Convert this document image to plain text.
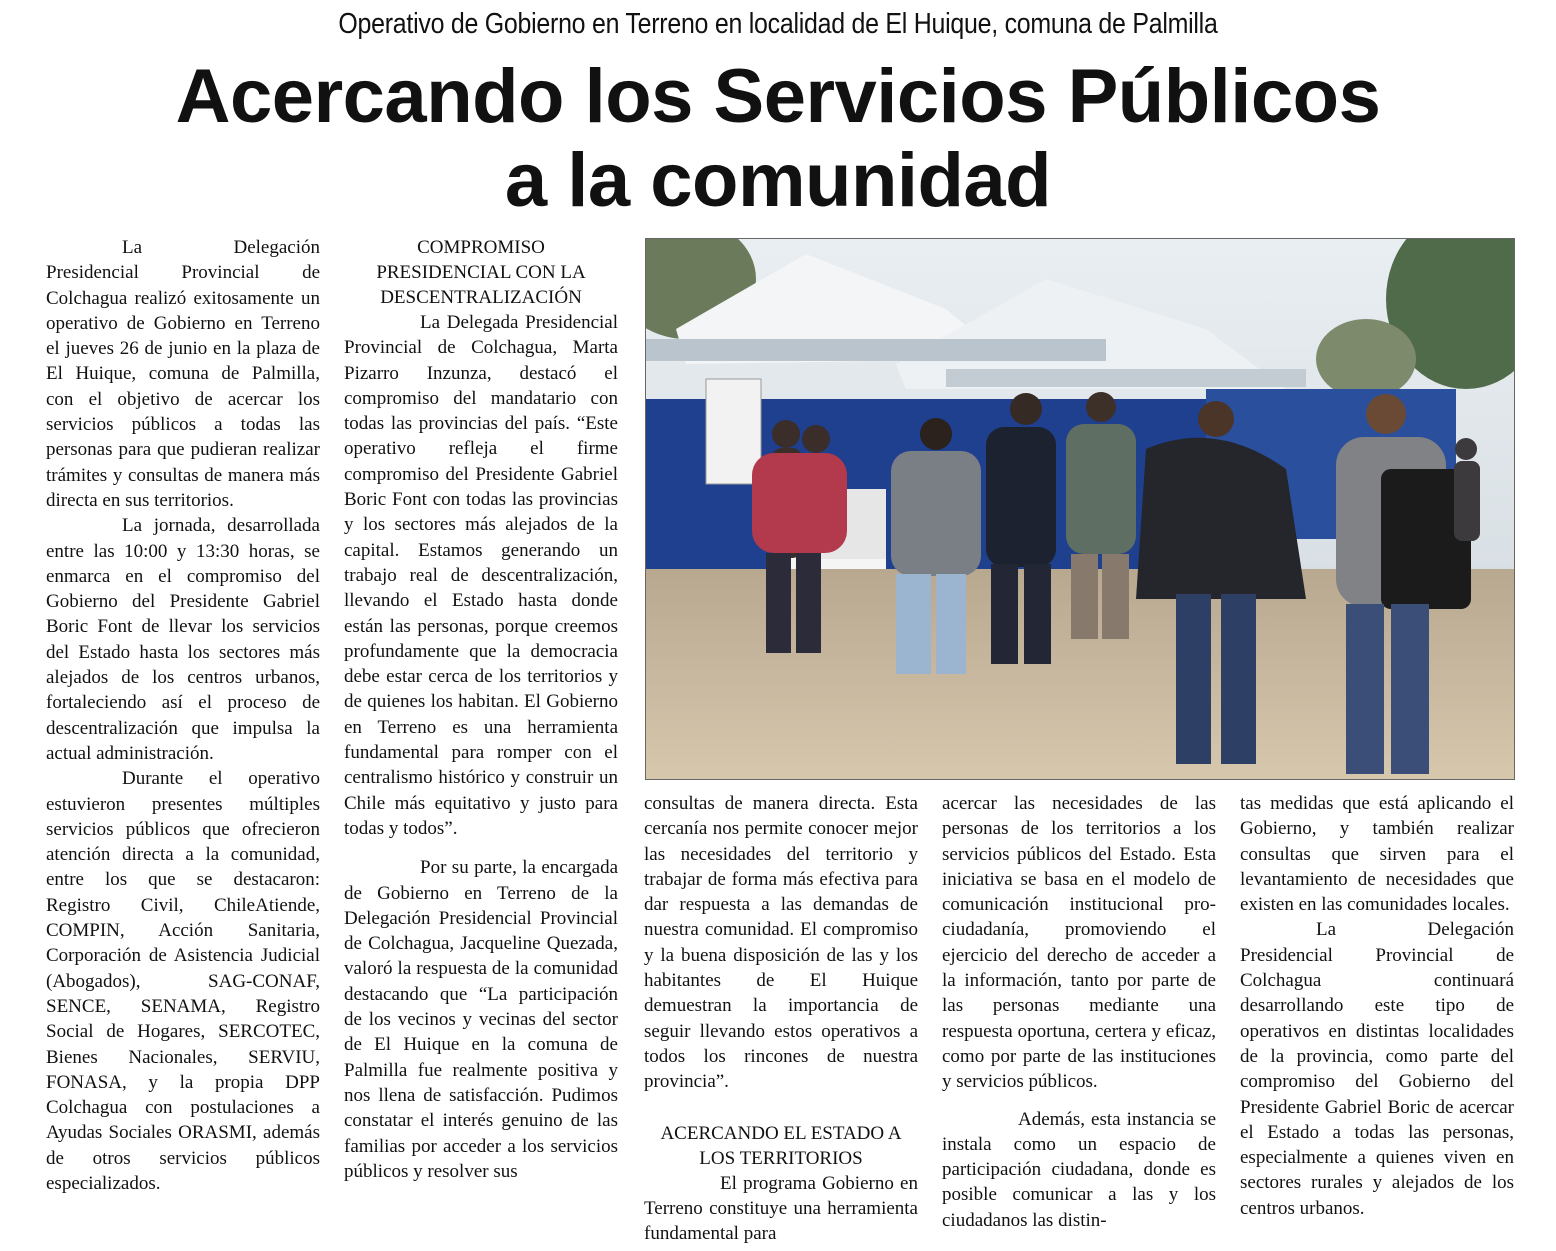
Operativo de Gobierno en Terreno en localidad de El Huique, comuna de Palmilla
Acercando los Servicios Públicos
a la comunidad

La Delegación Presidencial Provincial de Colchagua realizó exitosamente un operativo de Gobierno en Terreno el jueves 26 de junio en la plaza de El Huique, comuna de Palmilla, con el objetivo de acercar los servicios públicos a todas las personas para que pudieran realizar trámites y consultas de manera más directa en sus territorios.

La jornada, desarrollada entre las 10:00 y 13:30 horas, se enmarca en el compromiso del Gobierno del Presidente Gabriel Boric Font de llevar los servicios del Estado hasta los sectores más alejados de los centros urbanos, fortaleciendo así el proceso de descentralización que impulsa la actual administración.

Durante el operativo estuvieron presentes múltiples servicios públicos que ofrecieron atención directa a la comunidad, entre los que se destacaron: Registro Civil, ChileAtiende, COMPIN, Acción Sanitaria, Corporación de Asistencia Judicial (Abogados), SAG-CONAF, SENCE, SENAMA, Registro Social de Hogares, SERCOTEC, Bienes Nacionales, SERVIU, FONASA, y la propia DPP Colchagua con postulaciones a Ayudas Sociales ORASMI, además de otros servicios públicos especializados.

COMPROMISO PRESIDENCIAL CON LA DESCENTRALIZACIÓN

La Delegada Presidencial Provincial de Colchagua, Marta Pizarro Inzunza, destacó el compromiso del mandatario con todas las provincias del país. “Este operativo refleja el firme compromiso del Presidente Gabriel Boric Font con todas las provincias y los sectores más alejados de la capital. Estamos generando un trabajo real de descentralización, llevando el Estado hasta donde están las personas, porque creemos profundamente que la democracia debe estar cerca de los territorios y de quienes los habitan. El Gobierno en Terreno es una herramienta fundamental para romper con el centralismo histórico y construir un Chile más equitativo y justo para todas y todos”.

Por su parte, la encargada de Gobierno en Terreno de la Delegación Presidencial Provincial de Colchagua, Jacqueline Quezada, valoró la respuesta de la comunidad destacando que “La participación de los vecinos y vecinas del sector de El Huique en la comuna de Palmilla fue realmente positiva y nos llena de satisfacción. Pudimos constatar el interés genuino de las familias por acceder a los servicios públicos y resolver sus

consultas de manera directa. Esta cercanía nos permite conocer mejor las necesidades del territorio y trabajar de forma más efectiva para dar respuesta a las demandas de nuestra comunidad. El compromiso y la buena disposición de las y los habitantes de El Huique demuestran la importancia de seguir llevando estos operativos a todos los rincones de nuestra provincia”.

ACERCANDO EL ESTADO A LOS TERRITORIOS

El programa Gobierno en Terreno constituye una herramienta fundamental para

acercar las necesidades de las personas de los territorios a los servicios públicos del Estado. Esta iniciativa se basa en el modelo de comunicación institucional pro-ciudadanía, promoviendo el ejercicio del derecho de acceder a la información, tanto por parte de las personas mediante una respuesta oportuna, certera y eficaz, como por parte de las instituciones y servicios públicos.

Además, esta instancia se instala como un espacio de participación ciudadana, donde es posible comunicar a las y los ciudadanos las distin-

tas medidas que está aplicando el Gobierno, y también realizar consultas que sirven para el levantamiento de necesidades que existen en las comunidades locales.

La Delegación Presidencial Provincial de Colchagua continuará desarrollando este tipo de operativos en distintas localidades de la provincia, como parte del compromiso del Gobierno del Presidente Gabriel Boric de acercar el Estado a todas las personas, especialmente a quienes viven en sectores rurales y alejados de los centros urbanos.
